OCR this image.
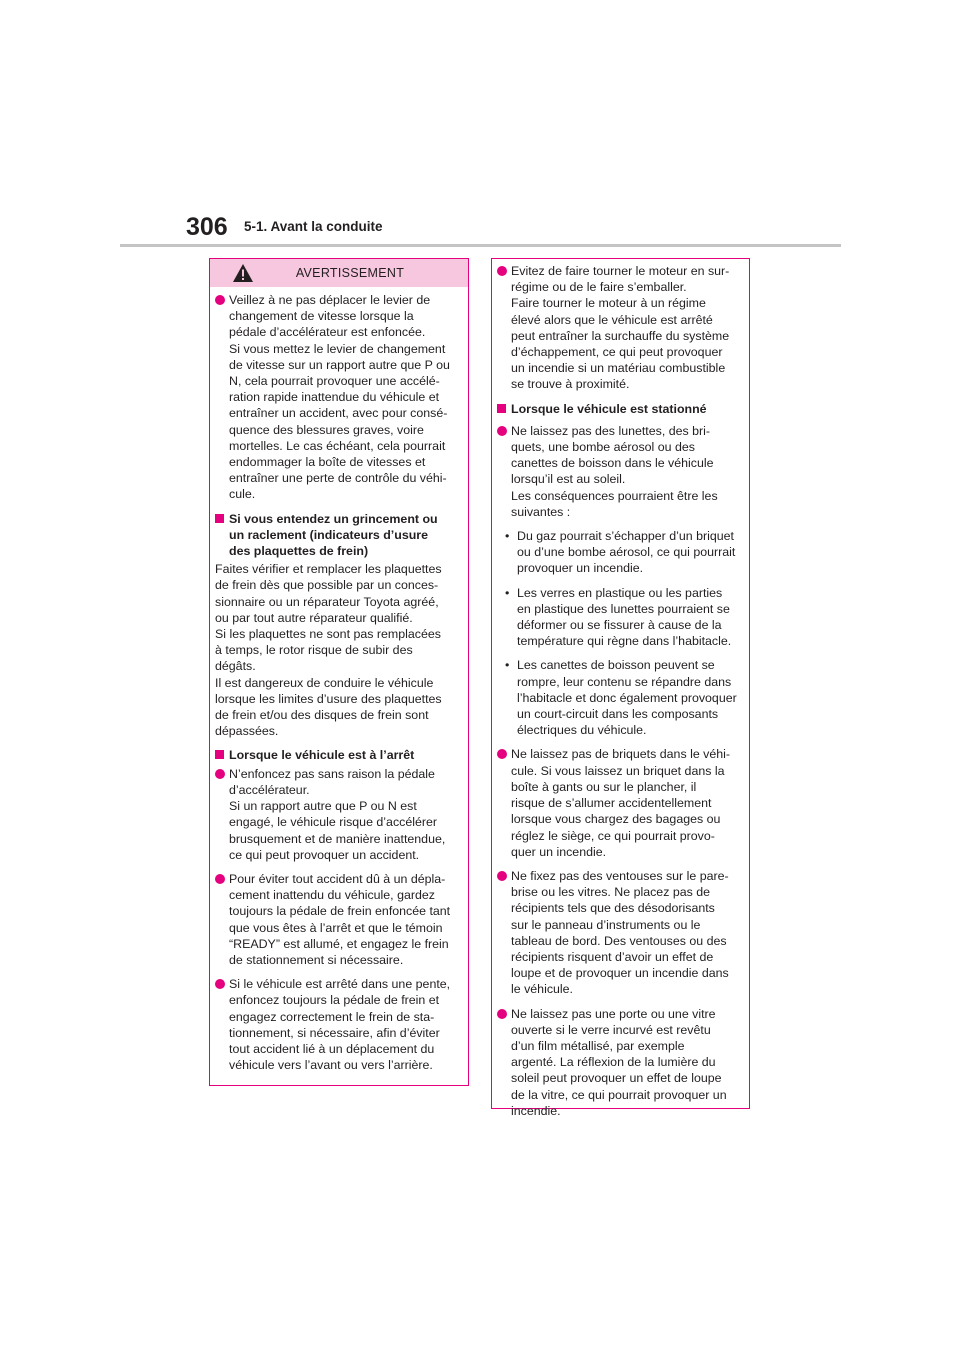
306 5-1. Avant la conduite
AVERTISSEMENT
Veillez à ne pas déplacer le levier de
changement de vitesse lorsque la
pédale d’accélérateur est enfoncée.
Si vous mettez le levier de changement
de vitesse sur un rapport autre que P ou
N, cela pourrait provoquer une accélé-
ration rapide inattendue du véhicule et
entraîner un accident, avec pour consé-
quence des blessures graves, voire
mortelles. Le cas échéant, cela pourrait
endommager la boîte de vitesses et
entraîner une perte de contrôle du véhi-
cule.
Si vous entendez un grincement ou
un raclement (indicateurs d’usure
des plaquettes de frein)
Faites vérifier et remplacer les plaquettes
de frein dès que possible par un conces-
sionnaire ou un réparateur Toyota agréé,
ou par tout autre réparateur qualifié.
Si les plaquettes ne sont pas remplacées
à temps, le rotor risque de subir des
dégâts.
Il est dangereux de conduire le véhicule
lorsque les limites d’usure des plaquettes
de frein et/ou des disques de frein sont
dépassées.
Lorsque le véhicule est à l’arrêt
N’enfoncez pas sans raison la pédale
d’accélérateur.
Si un rapport autre que P ou N est
engagé, le véhicule risque d’accélérer
brusquement et de manière inattendue,
ce qui peut provoquer un accident.
Pour éviter tout accident dû à un dépla-
cement inattendu du véhicule, gardez
toujours la pédale de frein enfoncée tant
que vous êtes à l’arrêt et que le témoin
“READY” est allumé, et engagez le frein
de stationnement si nécessaire.
Si le véhicule est arrêté dans une pente,
enfoncez toujours la pédale de frein et
engagez correctement le frein de sta-
tionnement, si nécessaire, afin d’éviter
tout accident lié à un déplacement du
véhicule vers l’avant ou vers l’arrière.
Evitez de faire tourner le moteur en sur-
régime ou de le faire s’emballer.
Faire tourner le moteur à un régime
élevé alors que le véhicule est arrêté
peut entraîner la surchauffe du système
d’échappement, ce qui peut provoquer
un incendie si un matériau combustible
se trouve à proximité.
Lorsque le véhicule est stationné
Ne laissez pas des lunettes, des bri-
quets, une bombe aérosol ou des
canettes de boisson dans le véhicule
lorsqu’il est au soleil.
Les conséquences pourraient être les
suivantes :
• Du gaz pourrait s’échapper d’un briquet
ou d’une bombe aérosol, ce qui pourrait
provoquer un incendie.
• Les verres en plastique ou les parties
en plastique des lunettes pourraient se
déformer ou se fissurer à cause de la
température qui règne dans l’habitacle.
• Les canettes de boisson peuvent se
rompre, leur contenu se répandre dans
l’habitacle et donc également provoquer
un court-circuit dans les composants
électriques du véhicule.
Ne laissez pas de briquets dans le véhi-
cule. Si vous laissez un briquet dans la
boîte à gants ou sur le plancher, il
risque de s’allumer accidentellement
lorsque vous chargez des bagages ou
réglez le siège, ce qui pourrait provo-
quer un incendie.
Ne fixez pas des ventouses sur le pare-
brise ou les vitres. Ne placez pas de
récipients tels que des désodorisants
sur le panneau d’instruments ou le
tableau de bord. Des ventouses ou des
récipients risquent d’avoir un effet de
loupe et de provoquer un incendie dans
le véhicule.
Ne laissez pas une porte ou une vitre
ouverte si le verre incurvé est revêtu
d’un film métallisé, par exemple
argenté. La réflexion de la lumière du
soleil peut provoquer un effet de loupe
de la vitre, ce qui pourrait provoquer un
incendie.
